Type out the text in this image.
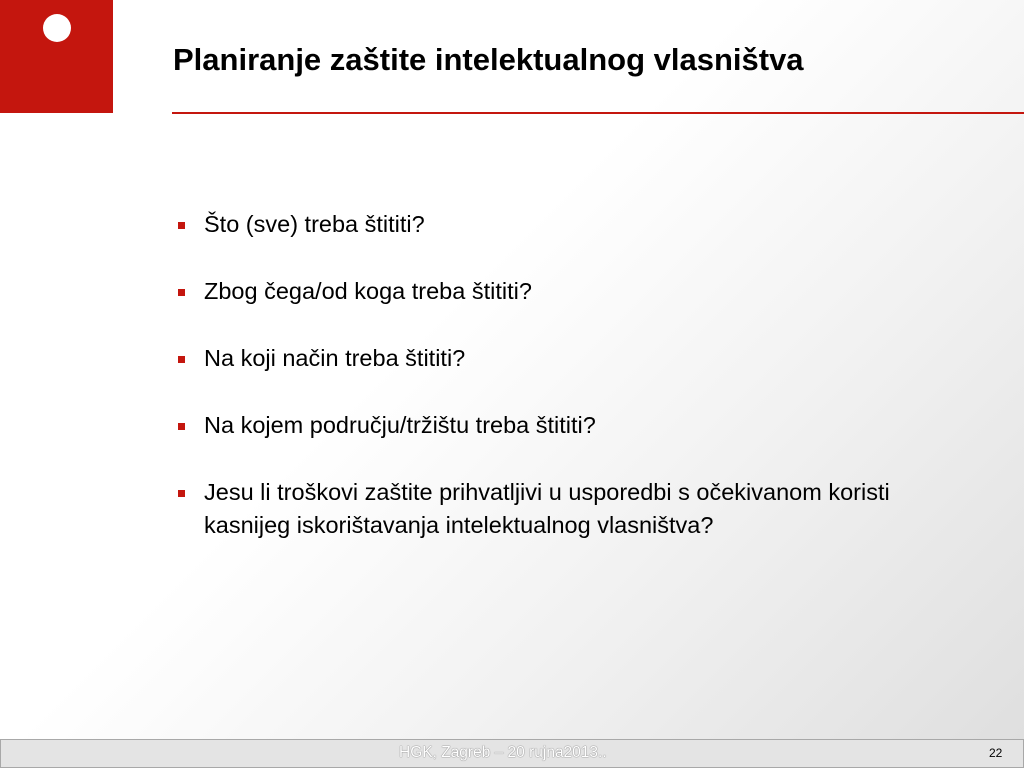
Planiranje zaštite intelektualnog vlasništva
Što (sve) treba štititi?
Zbog čega/od koga treba štititi?
Na koji način treba štititi?
Na kojem području/tržištu treba štititi?
Jesu li troškovi zaštite prihvatljivi u usporedbi s očekivanom koristi kasnijeg iskorištavanja intelektualnog vlasništva?
HGK, Zagreb – 20 rujna2013..	22
